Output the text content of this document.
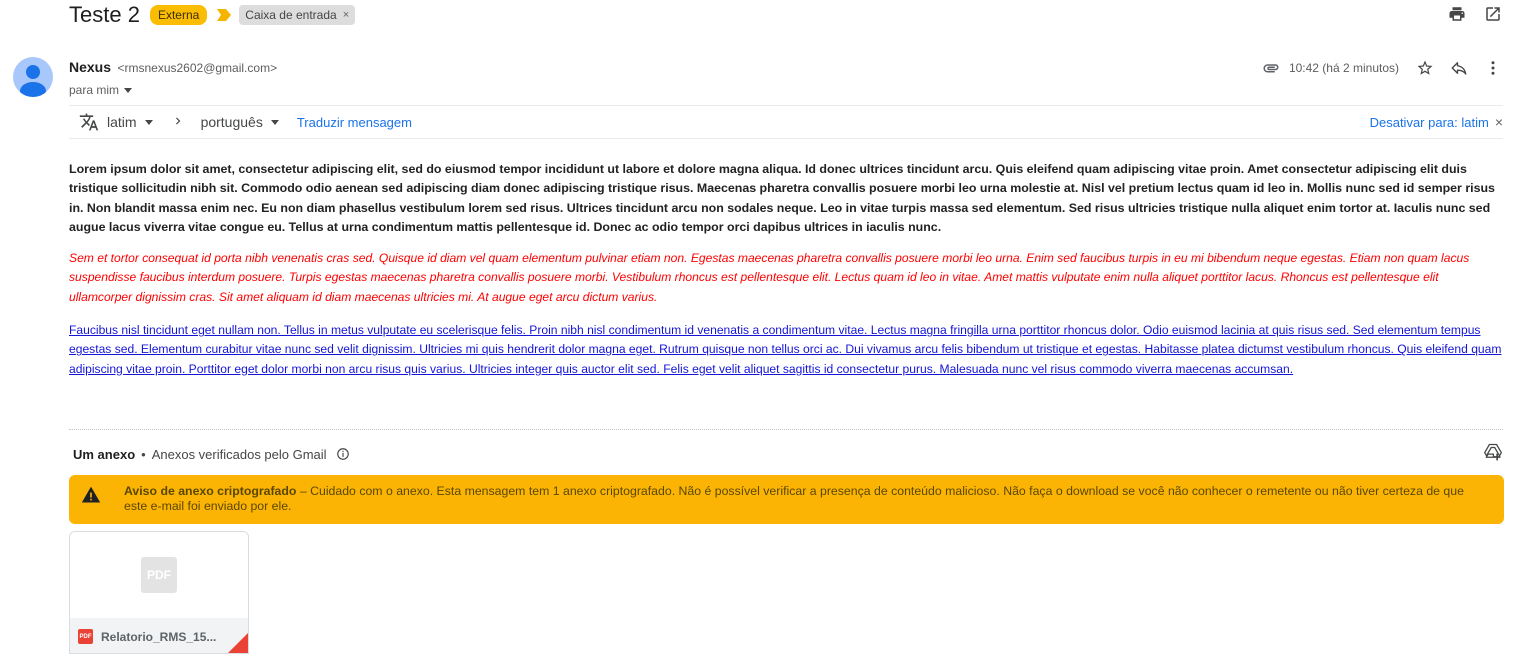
Teste 2	Externa	Caixa de entrada ×
Nexus <rmsnexus2602@gmail.com>
para mim
10:42 (há 2 minutos)
latim	português	Traduzir mensagem	Desativar para: latim ×

Lorem ipsum dolor sit amet, consectetur adipiscing elit, sed do eiusmod tempor incididunt ut labore et dolore magna aliqua. Id donec ultrices tincidunt arcu. Quis eleifend quam adipiscing vitae proin. Amet consectetur adipiscing elit duis tristique sollicitudin nibh sit. Commodo odio aenean sed adipiscing diam donec adipiscing tristique risus. Maecenas pharetra convallis posuere morbi leo urna molestie at. Nisl vel pretium lectus quam id leo in. Mollis nunc sed id semper risus in. Non blandit massa enim nec. Eu non diam phasellus vestibulum lorem sed risus. Ultrices tincidunt arcu non sodales neque. Leo in vitae turpis massa sed elementum. Sed risus ultricies tristique nulla aliquet enim tortor at. Iaculis nunc sed augue lacus viverra vitae congue eu. Tellus at urna condimentum mattis pellentesque id. Donec ac odio tempor orci dapibus ultrices in iaculis nunc.

Sem et tortor consequat id porta nibh venenatis cras sed. Quisque id diam vel quam elementum pulvinar etiam non. Egestas maecenas pharetra convallis posuere morbi leo urna. Enim sed faucibus turpis in eu mi bibendum neque egestas. Etiam non quam lacus suspendisse faucibus interdum posuere. Turpis egestas maecenas pharetra convallis posuere morbi. Vestibulum rhoncus est pellentesque elit. Lectus quam id leo in vitae. Amet mattis vulputate enim nulla aliquet porttitor lacus. Rhoncus est pellentesque elit ullamcorper dignissim cras. Sit amet aliquam id diam maecenas ultricies mi. At augue eget arcu dictum varius.

Faucibus nisl tincidunt eget nullam non. Tellus in metus vulputate eu scelerisque felis. Proin nibh nisl condimentum id venenatis a condimentum vitae. Lectus magna fringilla urna porttitor rhoncus dolor. Odio euismod lacinia at quis risus sed. Sed elementum tempus egestas sed. Elementum curabitur vitae nunc sed velit dignissim. Ultricies mi quis hendrerit dolor magna eget. Rutrum quisque non tellus orci ac. Dui vivamus arcu felis bibendum ut tristique et egestas. Habitasse platea dictumst vestibulum rhoncus. Quis eleifend quam adipiscing vitae proin. Porttitor eget dolor morbi non arcu risus quis varius. Ultricies integer quis auctor elit sed. Felis eget velit aliquet sagittis id consectetur purus. Malesuada nunc vel risus commodo viverra maecenas accumsan.

Um anexo • Anexos verificados pelo Gmail
Aviso de anexo criptografado – Cuidado com o anexo. Esta mensagem tem 1 anexo criptografado. Não é possível verificar a presença de conteúdo malicioso. Não faça o download se você não conhecer o remetente ou não tiver certeza de que este e-mail foi enviado por ele.
PDF
PDF Relatorio_RMS_15...
